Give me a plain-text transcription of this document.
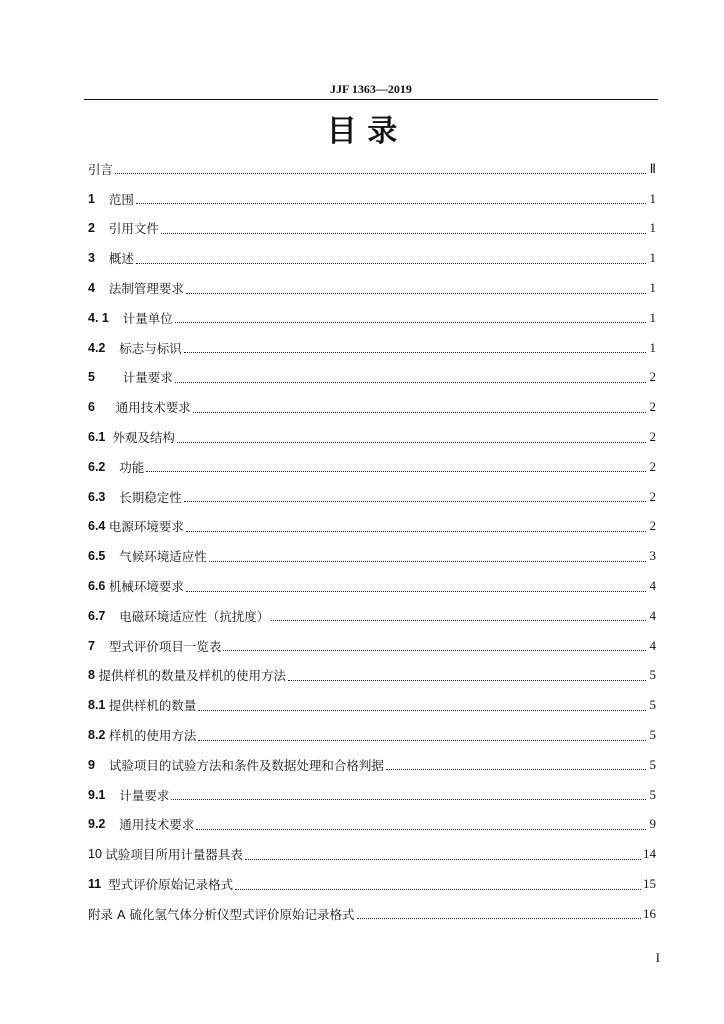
JJF 1363—2019
目 录
引言	Ⅱ
1 范围	1
2 引用文件	1
3 概述	1
4 法制管理要求	1
4. 1 计量单位	1
4.2 标志与标识	1
5 计量要求	2
6 通用技术要求	2
6.1 外观及结构	2
6.2 功能	2
6.3 长期稳定性	2
6.4 电源环境要求	2
6.5 气候环境适应性	3
6.6 机械环境要求	4
6.7 电磁环境适应性（抗扰度）	4
7 型式评价项目一览表	4
8 提供样机的数量及样机的使用方法	5
8.1 提供样机的数量	5
8.2 样机的使用方法	5
9 试验项目的试验方法和条件及数据处理和合格判据	5
9.1 计量要求	5
9.2 通用技术要求	9
10 试验项目所用计量器具表	14
11 型式评价原始记录格式	15
附录 A 硫化氢气体分析仪型式评价原始记录格式	16
I
